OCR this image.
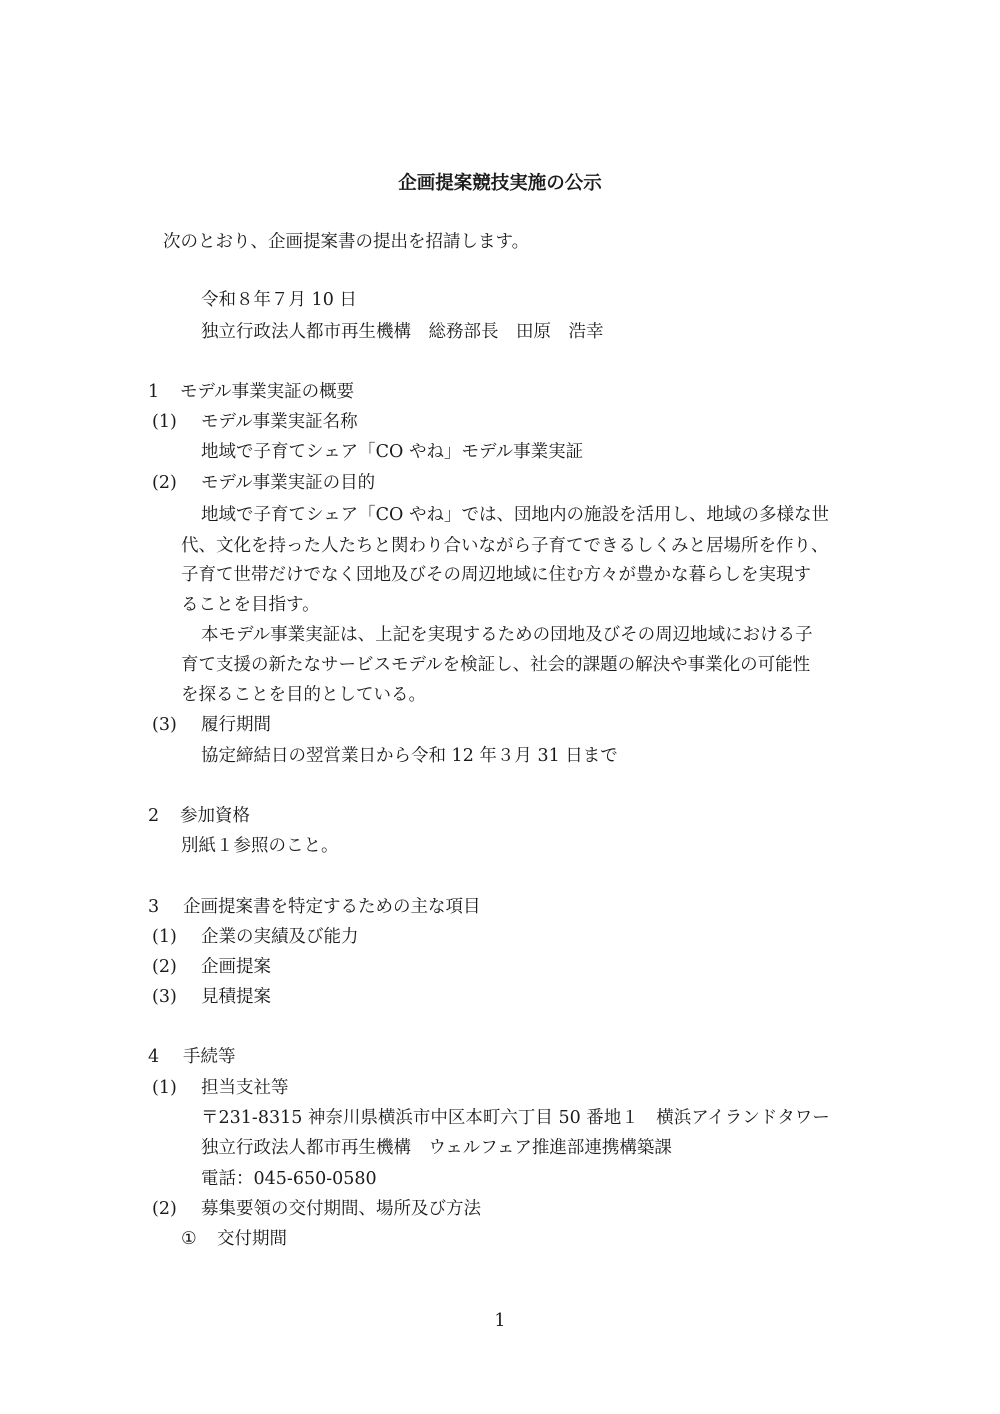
企画提案競技実施の公示
次のとおり、企画提案書の提出を招請します。
令和８年７月 10 日
独立行政法人都市再生機構　総務部長　田原　浩幸
1 モデル事業実証の概要
(1) モデル事業実証名称
地域で子育てシェア「CO やね」モデル事業実証
(2) モデル事業実証の目的
地域で子育てシェア「CO やね」では、団地内の施設を活用し、地域の多様な世
代、文化を持った人たちと関わり合いながら子育てできるしくみと居場所を作り、
子育て世帯だけでなく団地及びその周辺地域に住む方々が豊かな暮らしを実現す
ることを目指す。
本モデル事業実証は、上記を実現するための団地及びその周辺地域における子
育て支援の新たなサービスモデルを検証し、社会的課題の解決や事業化の可能性
を探ることを目的としている。
(3) 履行期間
協定締結日の翌営業日から令和 12 年３月 31 日まで
2 参加資格
別紙１参照のこと。
3 企画提案書を特定するための主な項目
(1) 企業の実績及び能力
(2) 企画提案
(3) 見積提案
4 手続等
(1) 担当支社等
〒231-8315 神奈川県横浜市中区本町六丁目 50 番地１　横浜アイランドタワー
独立行政法人都市再生機構　ウェルフェア推進部連携構築課
電話：045-650-0580
(2) 募集要領の交付期間、場所及び方法
① 交付期間
1
